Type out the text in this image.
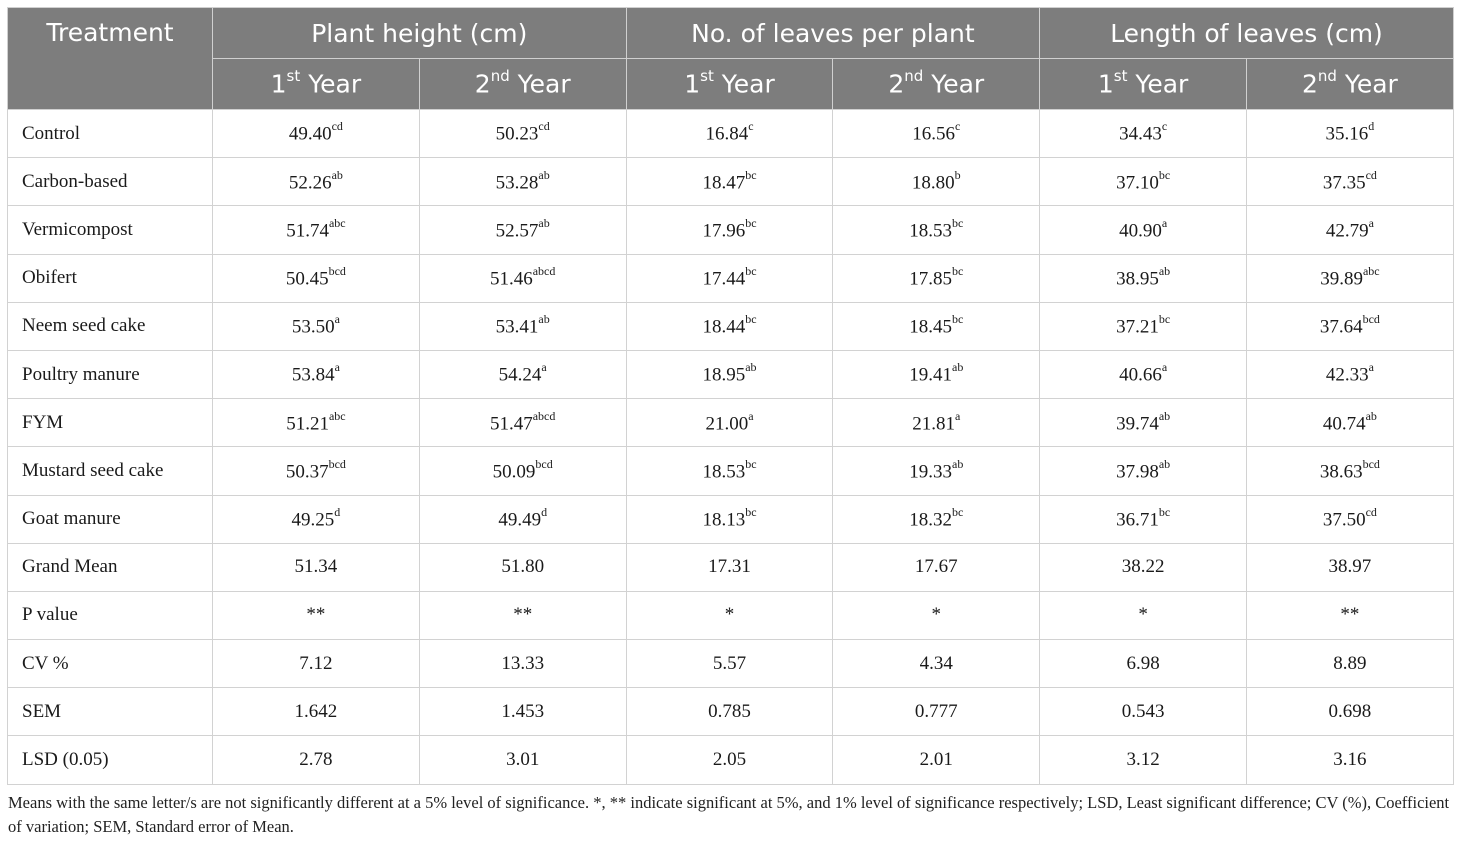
Treatment	Plant height (cm)		No. of leaves per plant		Length of leaves (cm)	
	1st Year	2nd Year	1st Year	2nd Year	1st Year	2nd Year
Control	49.40$^{cd}$	50.23$^{cd}$	16.84$^c$	16.56$^c$	34.43$^c$	35.16$^d$
Carbon-based	52.26$^{ab}$	53.28$^{ab}$	18.47$^{bc}$	18.80$^b$	37.10$^{bc}$	37.35$^{cd}$
Vermicompost	51.74$^{abc}$	52.57$^{ab}$	17.96$^{bc}$	18.53$^{bc}$	40.90$^a$	42.79$^a$
Obifert	50.45$^{bcd}$	$51.46^{abcd}$	17.44$^{bc}$	17.85$^{bc}$	38.95$^{ab}$	39.89$^{abc}$
Neem seed cake	53.50$^a$	53.41$^{ab}$	18.44$^{bc}$	18.45$^{bc}$	37.21$^{bc}$	37.64$^{bcd}$
Poultry manure	53.84$^a$	54.24$^a$	18.95$^{ab}$	19.41$^{ab}$	40.66$^a$	42.33$^a$
FYM	51.21$^{abc}$	$51.47^{abcd}$	21.00$^a$	21.81$^a$	39.74$^{ab}$	40.74$^{ab}$
Mustard seed cake	50.37$^{bcd}$	50.09$^{bcd}$	18.53$^{bc}$	19.33$^{ab}$	37.98$^{ab}$	38.63$^{bcd}$
Goat manure	49.25$^d$	49.49$^d$	18.13$^{bc}$	18.32$^{bc}$	36.71$^{bc}$	37.50$^{cd}$
Grand Mean	51.34	51.80	17.31	17.67	38.22	38.97
P value	**	**	*	*	*	**
CV %	7.12	13.33	5.57	4.34	6.98	8.89
SEM	1.642	1.453	0.785	0.777	0.543	0.698
LSD (0.05)	2.78	3.01	2.05	2.01	3.12	3.16
Means with the same letter/s are not significantly different at a 5% level of significance. *, ** indicate significant at 5%, and 1% level of significance respectively; LSD, Least significant difference; CV (%), Coefficient of variation; SEM, Standard error of Mean.
